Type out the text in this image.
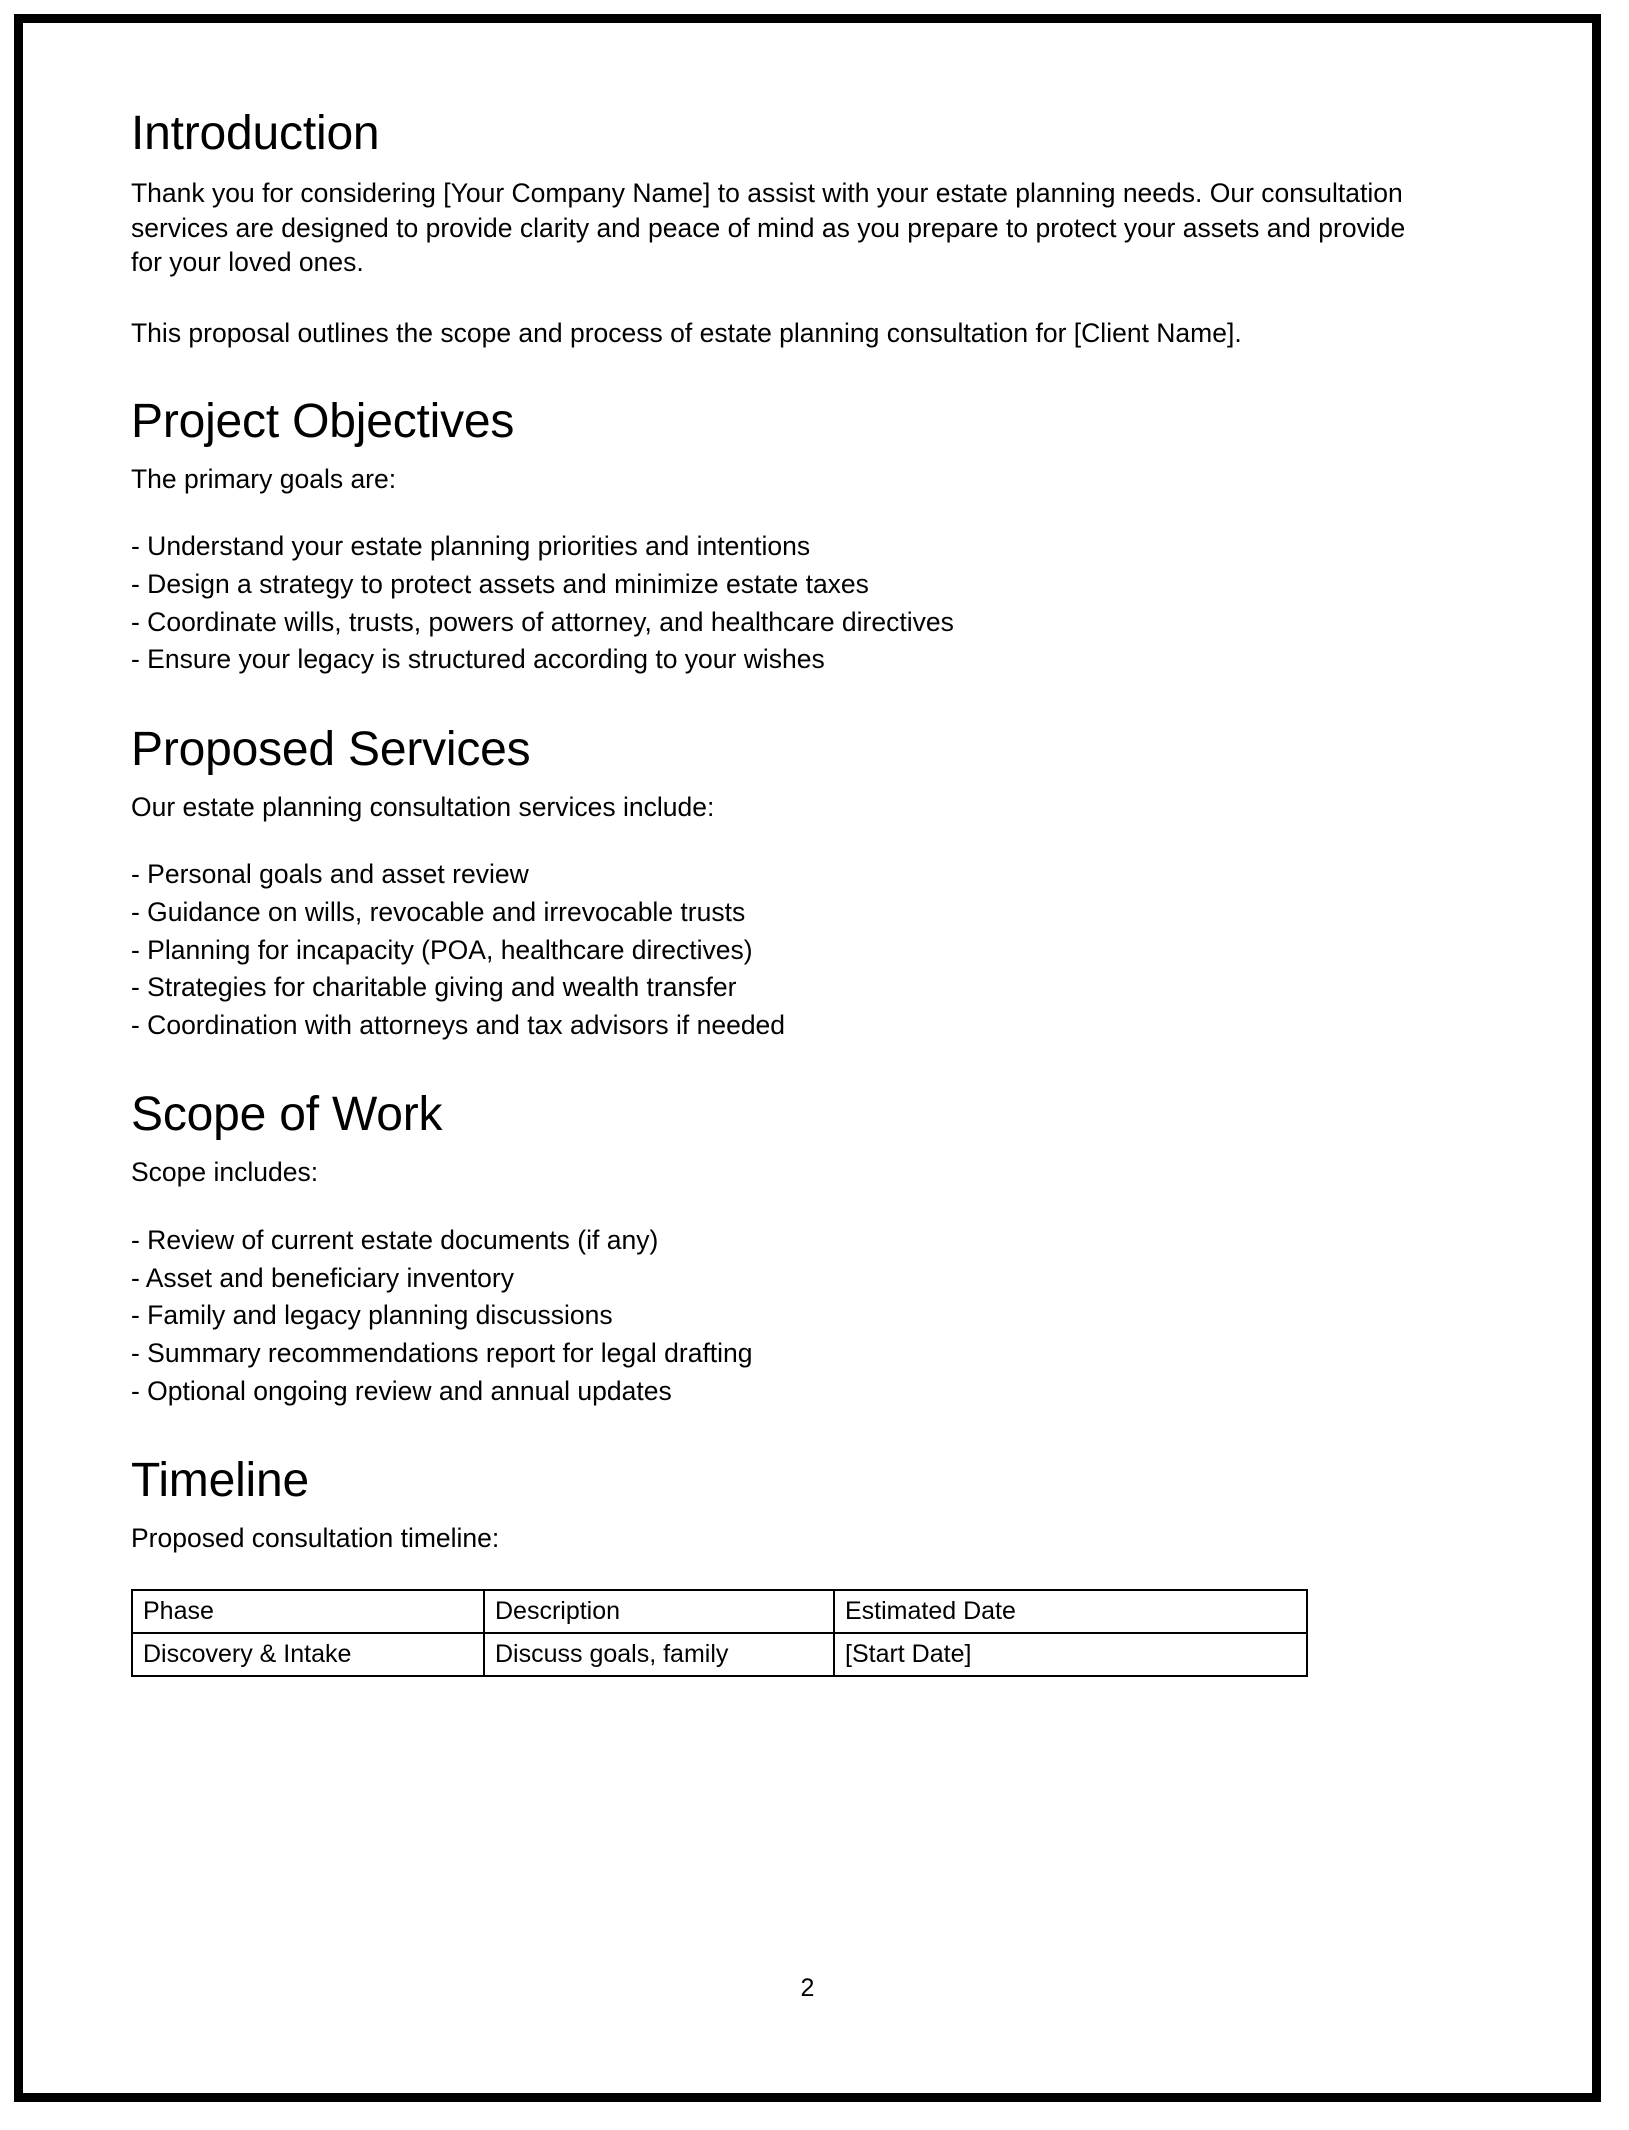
Introduction

Thank you for considering [Your Company Name] to assist with your estate planning needs. Our consultation services are designed to provide clarity and peace of mind as you prepare to protect your assets and provide for your loved ones.

This proposal outlines the scope and process of estate planning consultation for [Client Name].

Project Objectives

The primary goals are:

- Understand your estate planning priorities and intentions
- Design a strategy to protect assets and minimize estate taxes
- Coordinate wills, trusts, powers of attorney, and healthcare directives
- Ensure your legacy is structured according to your wishes
Proposed Services

Our estate planning consultation services include:

- Personal goals and asset review
- Guidance on wills, revocable and irrevocable trusts
- Planning for incapacity (POA, healthcare directives)
- Strategies for charitable giving and wealth transfer
- Coordination with attorneys and tax advisors if needed
Scope of Work

Scope includes:

- Review of current estate documents (if any)
- Asset and beneficiary inventory
- Family and legacy planning discussions
- Summary recommendations report for legal drafting
- Optional ongoing review and annual updates
Timeline

Proposed consultation timeline:

Phase	Description	Estimated Date
Discovery & Intake	Discuss goals, family	[Start Date]
2
